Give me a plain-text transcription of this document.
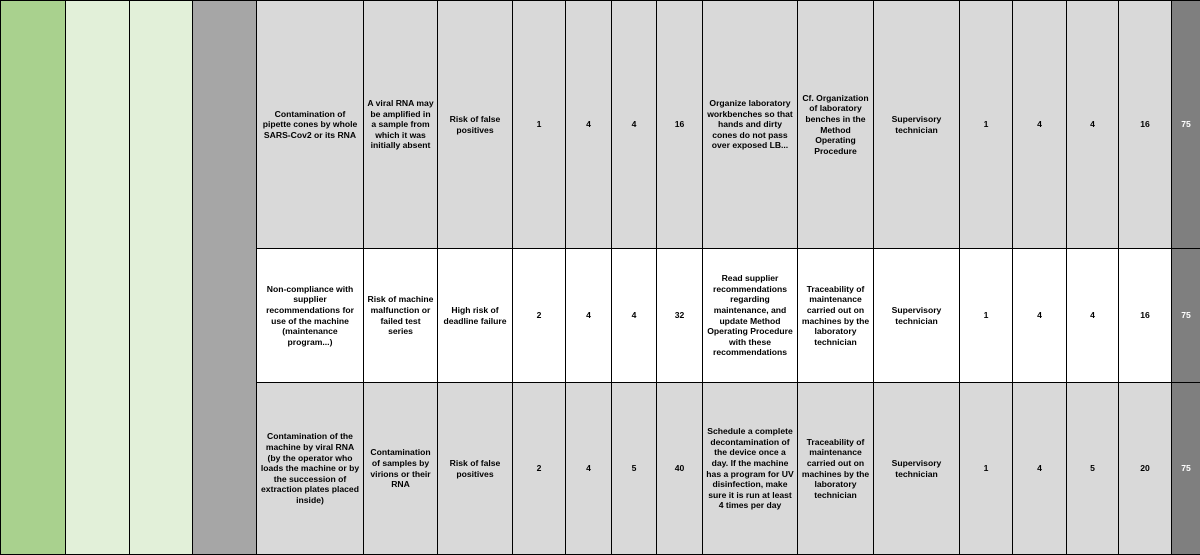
				Contamination of pipette cones by whole SARS-Cov2 or its RNA	A viral RNA may be amplified in a sample from which it was initially absent	Risk of false positives	1	4	4	16	Organize laboratory workbenches so that hands and dirty cones do not pass over exposed LB...	Cf. Organization of laboratory benches in the Method Operating Procedure	Supervisory technician	1	4	4	16	75
				Non-compliance with supplier recommendations for use of the machine (maintenance program...)	Risk of machine malfunction or failed test series	High risk of deadline failure	2	4	4	32	Read supplier recommendations regarding maintenance, and update Method Operating Procedure with these recommendations	Traceability of maintenance carried out on machines by the laboratory technician	Supervisory technician	1	4	4	16	75
				Contamination of the machine by viral RNA (by the operator who loads the machine or by the succession of extraction plates placed inside)	Contamination of samples by virions or their RNA	Risk of false positives	2	4	5	40	Schedule a complete decontamination of the device once a day. If the machine has a program for UV disinfection, make sure it is run at least 4 times per day	Traceability of maintenance carried out on machines by the laboratory technician	Supervisory technician	1	4	5	20	75
